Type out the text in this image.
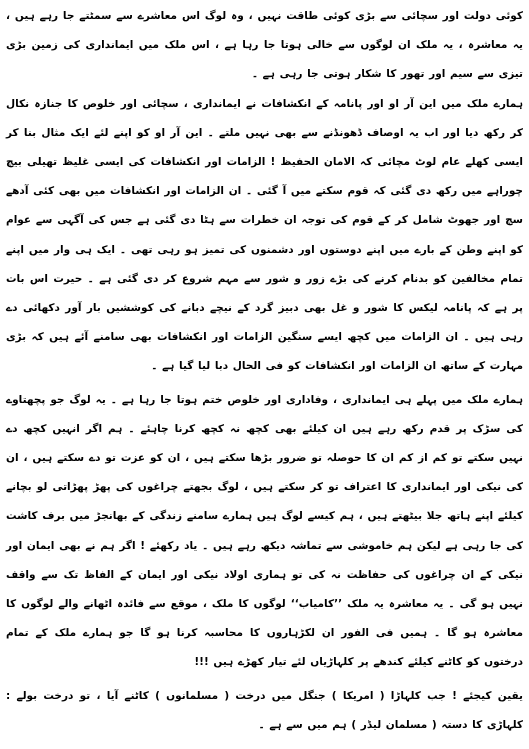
کوئی دولت اور سچائی سے بڑی کوئی طاقت نہیں ، وہ لوگ اس معاشرے سے سمٹتے جا رہے ہیں ، یہ معاشرہ ، یہ ملک ان لوگوں سے خالی ہوتا جا رہا ہے ، اس ملک میں ایمانداری کی زمین بڑی تیزی سے سیم اور تھور کا شکار ہوتی جا رہی ہے ۔

ہمارے ملک میں این آر او اور پانامہ کے انکشافات نے ایمانداری ، سچائی اور خلوص کا جنازہ نکال کر رکھ دیا اور اب یہ اوصاف ڈھونڈنے سے بھی نہیں ملتے ۔ این آر او کو اپنے لئے ایک مثال بنا کر ایسی کھلے عام لوٹ مچائی کہ الامان الحفیظ ! الزامات اور انکشافات کی ایسی غلیظ تھیلی بیچ چوراہے میں رکھ دی گئی کہ قوم سکتے میں آ گئی ۔ ان الزامات اور انکشافات میں بھی کئی آدھے سچ اور جھوٹ شامل کر کے قوم کی توجہ ان خطرات سے ہٹا دی گئی ہے جس کی آگہی سے عوام کو اپنے وطن کے بارے میں اپنے دوستوں اور دشمنوں کی تمیز ہو رہی تھی ۔ ایک ہی وار میں اپنے تمام مخالفین کو بدنام کرنے کی بڑے زور و شور سے مہم شروع کر دی گئی ہے ۔ حیرت اس بات پر ہے کہ پانامہ لیکس کا شور و غل بھی دبیز گرد کے نیچے دبانے کی کوششیں بار آور دکھائی دے رہی ہیں ۔ ان الزامات میں کچھ ایسے سنگین الزامات اور انکشافات بھی سامنے آئے ہیں کہ بڑی مہارت کے ساتھ ان الزامات اور انکشافات کو فی الحال دبا لیا گیا ہے ۔

ہمارے ملک میں پہلے ہی ایمانداری ، وفاداری اور خلوص ختم ہوتا جا رہا ہے ۔ یہ لوگ جو پچھتاوے کی سڑک پر قدم رکھ رہے ہیں ان کیلئے بھی کچھ نہ کچھ کرنا چاہئے ۔ ہم اگر انہیں کچھ دے نہیں سکتے تو کم از کم ان کا حوصلہ تو ضرور بڑھا سکتے ہیں ، ان کو عزت تو دے سکتے ہیں ، ان کی نیکی اور ایمانداری کا اعتراف تو کر سکتے ہیں ، لوگ بجھتے چراغوں کی پھڑ پھڑاتی لو بچانے کیلئے اپنے ہاتھ جلا بیٹھتے ہیں ، ہم کیسے لوگ ہیں ہمارے سامنے زندگی کے بھانجڑ میں برف کاشت کی جا رہی ہے لیکن ہم خاموشی سے تماشہ دیکھ رہے ہیں ۔ یاد رکھئے ! اگر ہم نے بھی ایمان اور نیکی کے ان چراغوں کی حفاظت نہ کی تو ہماری اولاد نیکی اور ایمان کے الفاظ تک سے واقف نہیں ہو گی ۔ یہ معاشرہ یہ ملک ’’کامیاب‘‘ لوگوں کا ملک ، موقع سے فائدہ اٹھانے والے لوگوں کا معاشرہ ہو گا ۔ ہمیں فی الفور ان لکڑہاروں کا محاسبہ کرنا ہو گا جو ہمارے ملک کے تمام درختوں کو کاٹنے کیلئے کندھے پر کلہاڑیاں لئے تیار کھڑے ہیں !!!

یقین کیجئے ! جب کلہاڑا ( امریکا ) جنگل میں درخت ( مسلمانوں ) کاٹنے آیا ، تو درخت بولے : کلہاڑی کا دستہ ( مسلمان لیڈر ) ہم میں سے ہے ۔
